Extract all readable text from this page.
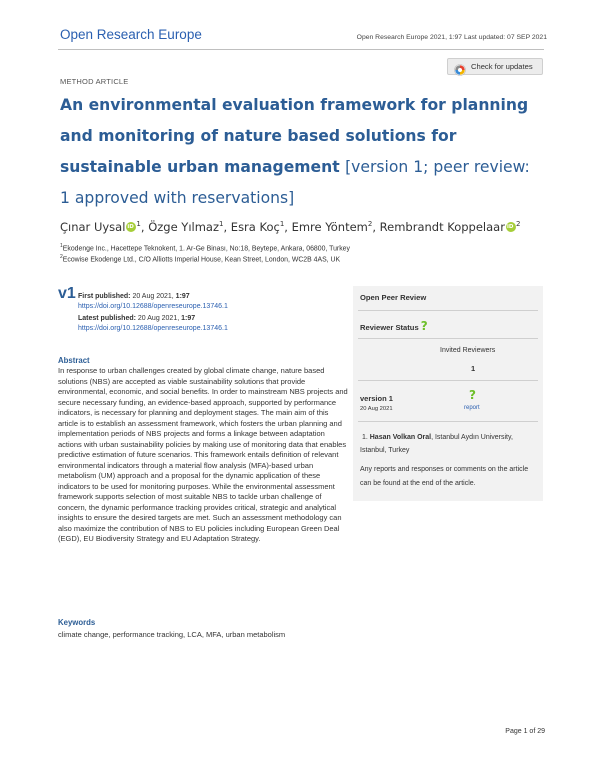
Open Research Europe	Open Research Europe 2021, 1:97 Last updated: 07 SEP 2021
METHOD ARTICLE
Check for updates
An environmental evaluation framework for planning and monitoring of nature based solutions for sustainable urban management [version 1; peer review: 1 approved with reservations]
Çınar Uysal iD $^1$, Özge Yılmaz$^1$, Esra Koç$^1$, Emre Yöntem$^2$, Rembrandt Koppelaar iD $^2$
$^1$Ekodenge Inc., Hacettepe Teknokent, 1. Ar-Ge Binası, No:18, Beytepe, Ankara, 06800, Turkey
$^2$Ecowise Ekodenge Ltd., C/O Alliotts Imperial House, Kean Street, London, WC2B 4AS, UK
v1 First published: 20 Aug 2021, 1:97
https://doi.org/10.12688/openreseurope.13746.1
Latest published: 20 Aug 2021, 1:97
https://doi.org/10.12688/openreseurope.13746.1
Abstract
In response to urban challenges created by global climate change, nature based solutions (NBS) are accepted as viable sustainability solutions that provide environmental, economic, and social benefits. In order to mainstream NBS projects and secure necessary funding, an evidence-based approach, supported by performance indicators, is necessary for planning and deployment stages. The main aim of this article is to establish an assessment framework, which fosters the urban planning and implementation periods of NBS projects and forms a linkage between adaptation actions with urban sustainability policies by making use of monitoring data that enables predictive estimation of future scenarios. This framework entails definition of relevant environmental indicators through a material flow analysis (MFA)-based urban metabolism (UM) approach and a proposal for the dynamic application of these indicators to be used for monitoring purposes. While the environmental assessment framework supports selection of most suitable NBS to tackle urban challenge of concern, the dynamic performance tracking provides critical, strategic and analytical insights to ensure the desired targets are met. Such an assessment methodology can also maximize the contribution of NBS to EU policies including European Green Deal (EGD), EU Biodiversity Strategy and EU Adaptation Strategy.
Keywords
climate change, performance tracking, LCA, MFA, urban metabolism
Open Peer Review
Reviewer Status ?
Invited Reviewers
1
version 1
20 Aug 2021
?
report
1. Hasan Volkan Oral, Istanbul Aydın University, Istanbul, Turkey
Any reports and responses or comments on the article can be found at the end of the article.
Page 1 of 29
